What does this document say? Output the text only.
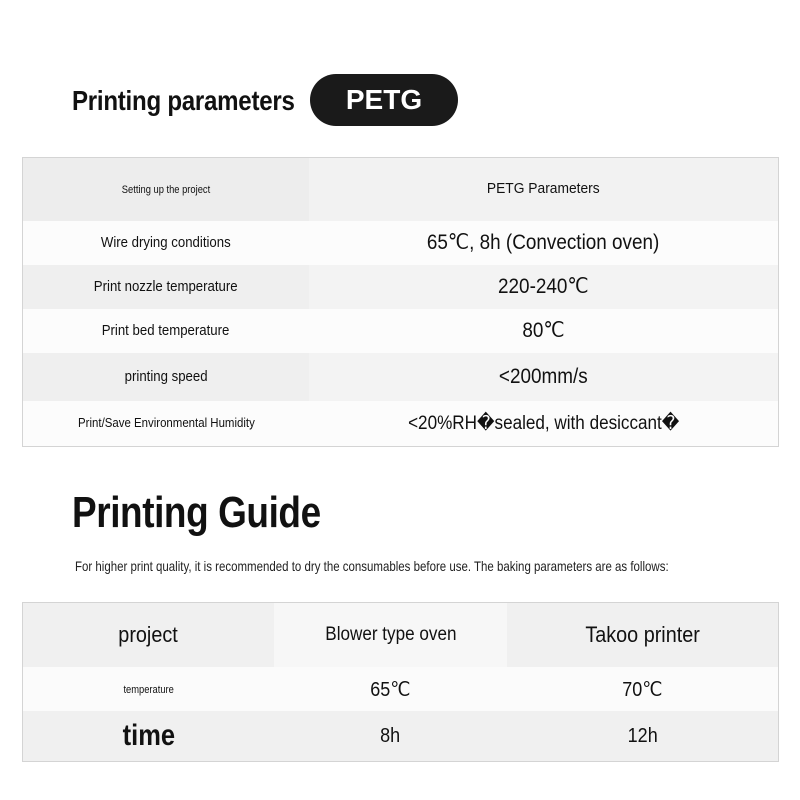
Printing parameters	PETG
Setting up the project	PETG Parameters
Wire drying conditions	65℃, 8h (Convection oven)
Print nozzle temperature	220-240℃
Print bed temperature	80℃
printing speed	<200mm/s
Print/Save Environmental Humidity	<20%RH�sealed, with desiccant�
Printing Guide
For higher print quality, it is recommended to dry the consumables before use. The baking parameters are as follows:
project	Blower type oven	Takoo printer
temperature	65℃	70℃
time	8h	12h
